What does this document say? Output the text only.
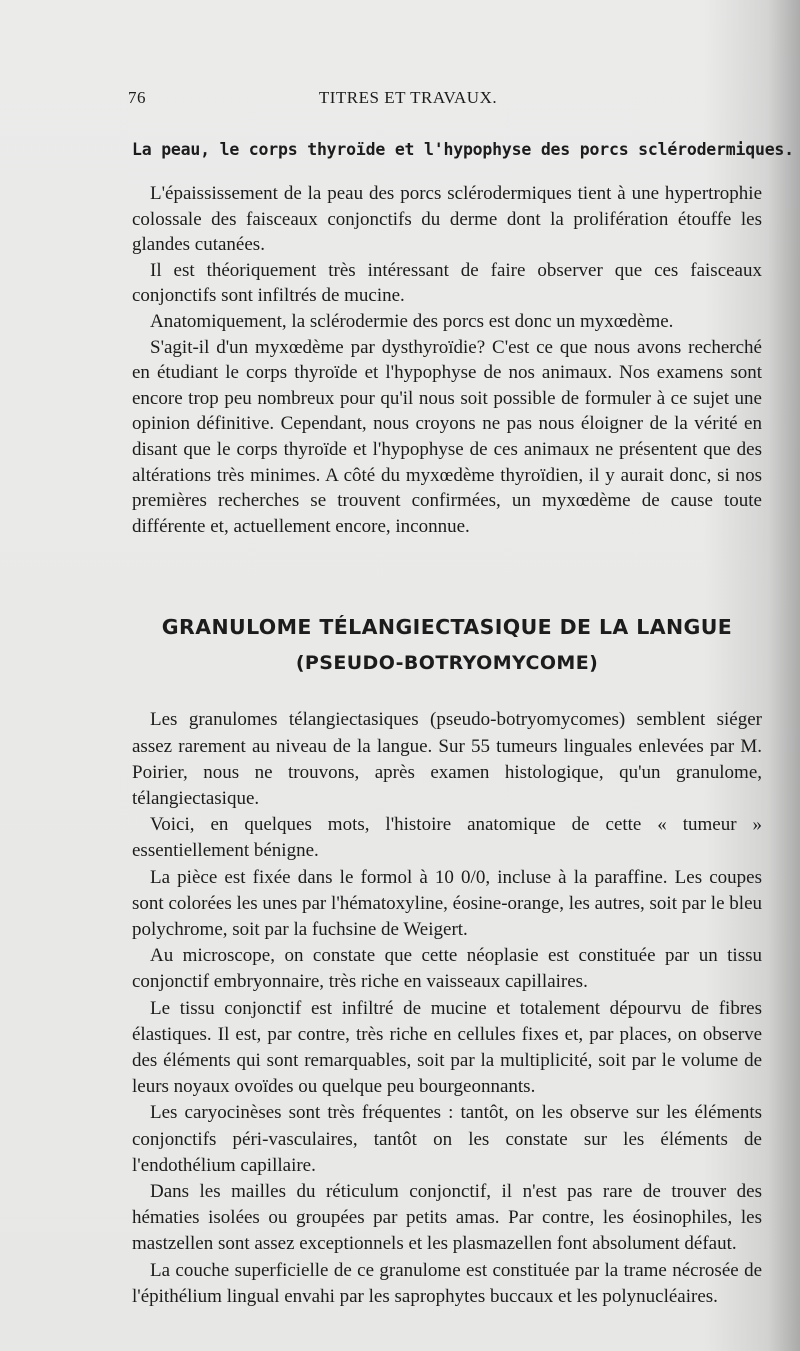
76	TITRES ET TRAVAUX.
La peau, le corps thyroïde et l'hypophyse des porcs sclérodermiques.

L'épaississement de la peau des porcs sclérodermiques tient à une hypertrophie colossale des faisceaux conjonctifs du derme dont la prolifération étouffe les glandes cutanées.

Il est théoriquement très intéressant de faire observer que ces faisceaux conjonctifs sont infiltrés de mucine.

Anatomiquement, la sclérodermie des porcs est donc un myxœdème.

S'agit-il d'un myxœdème par dysthyroïdie? C'est ce que nous avons recherché en étudiant le corps thyroïde et l'hypophyse de nos animaux. Nos examens sont encore trop peu nombreux pour qu'il nous soit possible de formuler à ce sujet une opinion définitive. Cependant, nous croyons ne pas nous éloigner de la vérité en disant que le corps thyroïde et l'hypophyse de ces animaux ne présentent que des altérations très minimes. A côté du myxœdème thyroïdien, il y aurait donc, si nos premières recherches se trouvent confirmées, un myxœdème de cause toute différente et, actuellement encore, inconnue.

GRANULOME TÉLANGIECTASIQUE DE LA LANGUE
(PSEUDO-BOTRYOMYCOME)

Les granulomes télangiectasiques (pseudo-botryomycomes) semblent siéger assez rarement au niveau de la langue. Sur 55 tumeurs linguales enlevées par M. Poirier, nous ne trouvons, après examen histologique, qu'un granulome, télangiectasique.

Voici, en quelques mots, l'histoire anatomique de cette « tumeur » essentiellement bénigne.

La pièce est fixée dans le formol à 10 0/0, incluse à la paraffine. Les coupes sont colorées les unes par l'hématoxyline, éosine-orange, les autres, soit par le bleu polychrome, soit par la fuchsine de Weigert.

Au microscope, on constate que cette néoplasie est constituée par un tissu conjonctif embryonnaire, très riche en vaisseaux capillaires.

Le tissu conjonctif est infiltré de mucine et totalement dépourvu de fibres élastiques. Il est, par contre, très riche en cellules fixes et, par places, on observe des éléments qui sont remarquables, soit par la multiplicité, soit par le volume de leurs noyaux ovoïdes ou quelque peu bourgeonnants.

Les caryocinèses sont très fréquentes : tantôt, on les observe sur les éléments conjonctifs péri-vasculaires, tantôt on les constate sur les éléments de l'endothélium capillaire.

Dans les mailles du réticulum conjonctif, il n'est pas rare de trouver des hématies isolées ou groupées par petits amas. Par contre, les éosinophiles, les mastzellen sont assez exceptionnels et les plasmazellen font absolument défaut.

La couche superficielle de ce granulome est constituée par la trame nécrosée de l'épithélium lingual envahi par les saprophytes buccaux et les polynucléaires.
